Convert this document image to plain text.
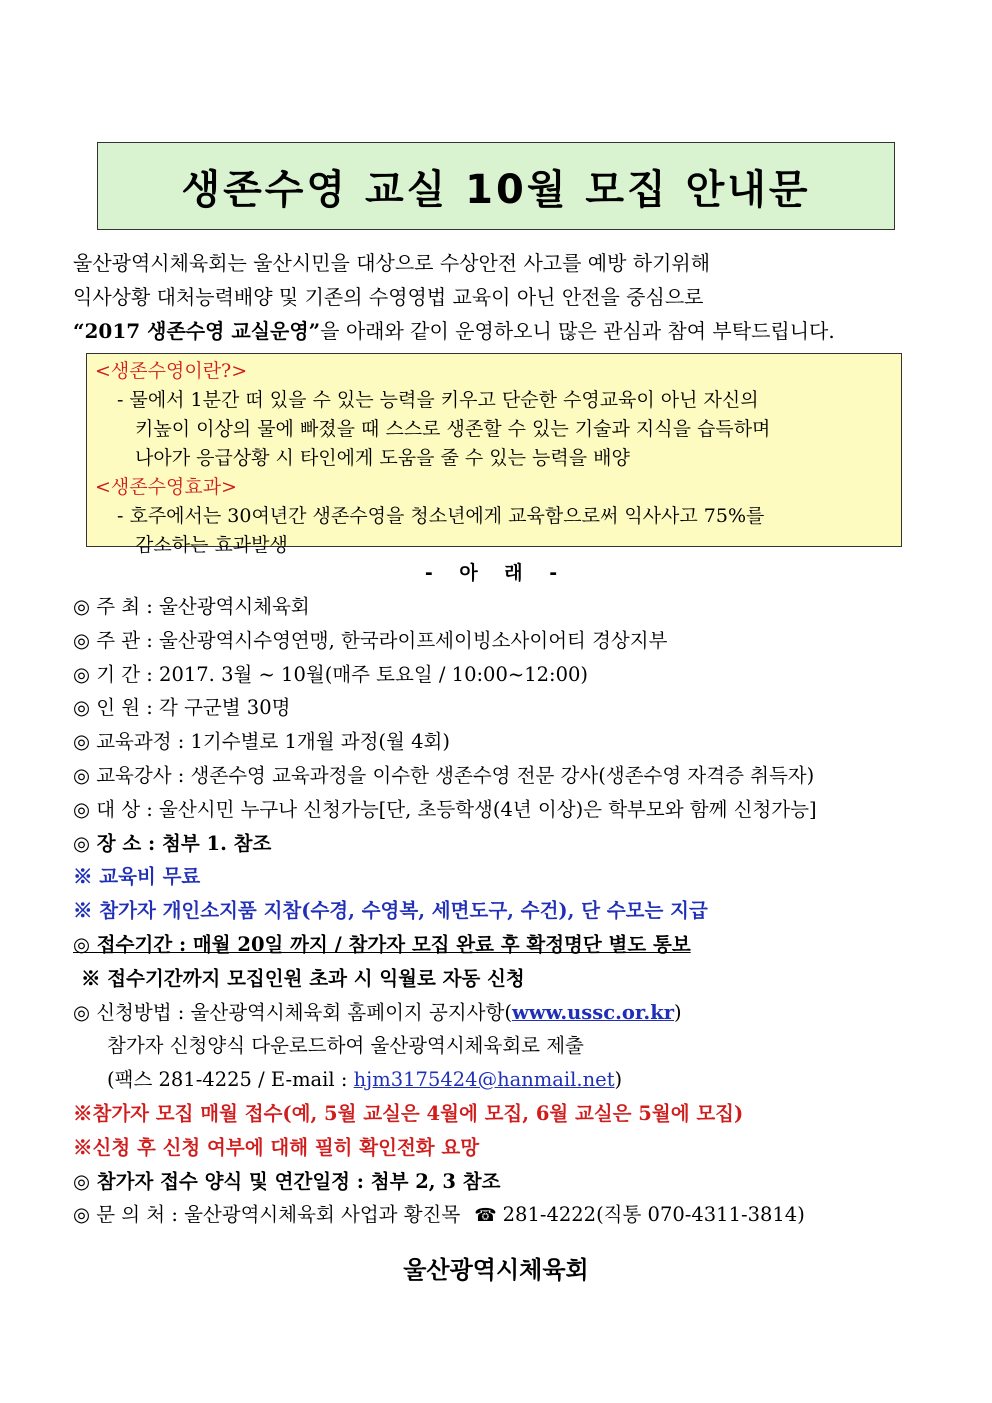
생존수영 교실 10월 모집 안내문
울산광역시체육회는 울산시민을 대상으로 수상안전 사고를 예방 하기위해
익사상황 대처능력배양 및 기존의 수영영법 교육이 아닌 안전을 중심으로
“2017 생존수영 교실운영”을 아래와 같이 운영하오니 많은 관심과 참여 부탁드립니다.
<생존수영이란?>
- 물에서 1분간 떠 있을 수 있는 능력을 키우고 단순한 수영교육이 아닌 자신의
키높이 이상의 물에 빠졌을 때 스스로 생존할 수 있는 기술과 지식을 습득하며
나아가 응급상황 시 타인에게 도움을 줄 수 있는 능력을 배양
<생존수영효과>
- 호주에서는 30여년간 생존수영을 청소년에게 교육함으로써 익사사고 75%를
감소하는 효과발생
- 아 래 -
◎ 주 최 : 울산광역시체육회
◎ 주 관 : 울산광역시수영연맹, 한국라이프세이빙소사이어티 경상지부
◎ 기 간 : 2017. 3월 ~ 10월(매주 토요일 / 10:00~12:00)
◎ 인 원 : 각 구군별 30명
◎ 교육과정 : 1기수별로 1개월 과정(월 4회)
◎ 교육강사 : 생존수영 교육과정을 이수한 생존수영 전문 강사(생존수영 자격증 취득자)
◎ 대 상 : 울산시민 누구나 신청가능[단, 초등학생(4년 이상)은 학부모와 함께 신청가능]
◎ 장 소 : 첨부 1. 참조
※ 교육비 무료
※ 참가자 개인소지품 지참(수경, 수영복, 세면도구, 수건), 단 수모는 지급
◎ 접수기간 : 매월 20일 까지 / 참가자 모집 완료 후 확정명단 별도 통보
※ 접수기간까지 모집인원 초과 시 익월로 자동 신청
◎ 신청방법 : 울산광역시체육회 홈페이지 공지사항(www.ussc.or.kr)
참가자 신청양식 다운로드하여 울산광역시체육회로 제출
(팩스 281-4225 / E-mail : hjm3175424@hanmail.net)
※참가자 모집 매월 접수(예, 5월 교실은 4월에 모집, 6월 교실은 5월에 모집)
※신청 후 신청 여부에 대해 필히 확인전화 요망
◎ 참가자 접수 양식 및 연간일정 : 첨부 2, 3 참조
◎ 문 의 처 : 울산광역시체육회 사업과 황진목 ☎ 281-4222(직통 070-4311-3814)
울산광역시체육회
